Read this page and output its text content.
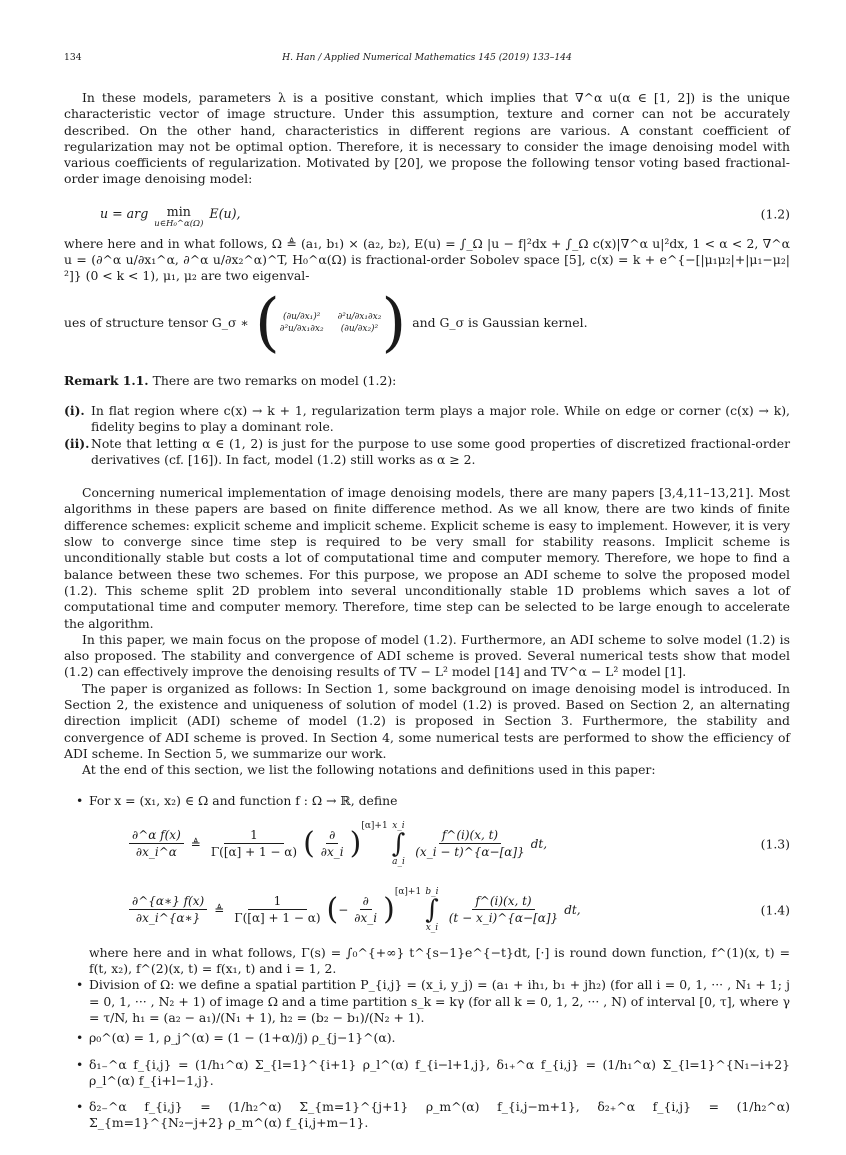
134	H. Han / Applied Numerical Mathematics 145 (2019) 133–144

In these models, parameters λ is a positive constant, which implies that ∇^α u(α ∈ [1, 2]) is the unique characteristic vector of image structure. Under this assumption, texture and corner can not be accurately described. On the other hand, characteristics in different regions are various. A constant coefficient of regularization may not be optimal option. Therefore, it is necessary to consider the image denoising model with various coefficients of regularization. Motivated by [20], we propose the following tensor voting based fractional-order image denoising model:

u = arg min
u∈H₀^α(Ω)
E(u),	(1.2)

where here and in what follows, Ω ≜ (a₁, b₁) × (a₂, b₂), E(u) = ∫_Ω |u − f|²dx + ∫_Ω c(x)|∇^α u|²dx, 1 < α < 2, ∇^α u = (∂^α u/∂x₁^α, ∂^α u/∂x₂^α)^T, H₀^α(Ω) is fractional-order Sobolev space [5], c(x) = k + e^{−[|μ₁μ₂|+|μ₁−μ₂|²]} (0 < k < 1), μ₁, μ₂ are two eigenval-

ues of structure tensor G_σ ∗ ( (∂u/∂x₁)²	∂²u/∂x₁∂x₂
∂²u/∂x₁∂x₂	(∂u/∂x₂)² ) and G_σ is Gaussian kernel.

Remark 1.1. There are two remarks on model (1.2):

(i). In flat region where c(x) → k + 1, regularization term plays a major role. While on edge or corner (c(x) → k), fidelity begins to play a dominant role.
(ii). Note that letting α ∈ (1, 2) is just for the purpose to use some good properties of discretized fractional-order derivatives (cf. [16]). In fact, model (1.2) still works as α ≥ 2.

Concerning numerical implementation of image denoising models, there are many papers [3,4,11–13,21]. Most algorithms in these papers are based on finite difference method. As we all know, there are two kinds of finite difference schemes: explicit scheme and implicit scheme. Explicit scheme is easy to implement. However, it is very slow to converge since time step is required to be very small for stability reasons. Implicit scheme is unconditionally stable but costs a lot of computational time and computer memory. Therefore, we hope to find a balance between these two schemes. For this purpose, we propose an ADI scheme to solve the proposed model (1.2). This scheme split 2D problem into several unconditionally stable 1D problems which saves a lot of computational time and computer memory. Therefore, time step can be selected to be large enough to accelerate the algorithm.

In this paper, we main focus on the propose of model (1.2). Furthermore, an ADI scheme to solve model (1.2) is also proposed. The stability and convergence of ADI scheme is proved. Several numerical tests show that model (1.2) can effectively improve the denoising results of TV − L² model [14] and TV^α − L² model [1].

The paper is organized as follows: In Section 1, some background on image denoising model is introduced. In Section 2, the existence and uniqueness of solution of model (1.2) is proved. Based on Section 2, an alternating direction implicit (ADI) scheme of model (1.2) is proposed in Section 3. Furthermore, the stability and convergence of ADI scheme is proved. In Section 4, some numerical tests are performed to show the efficiency of ADI scheme. In Section 5, we summarize our work.

At the end of this section, we list the following notations and definitions used in this paper:

• For x = (x₁, x₂) ∈ Ω and function f : Ω → ℝ, define
$\frac{\text{∂\textasciicircum{}α f(x)}}{\partial x\_i\^{}\alpha}$ ≜ $\frac{1}{\Gamma([\alpha] + 1 - \alpha)}$ ( $\frac{\partial}{\partial x\_i}$ ) [α]+1 x_i
∫
a_i
$\frac{f\^{}(i)(x, t)}{(x\_i - t)\^{}\{\alpha-[\alpha]\}}$ dt,	(1.3)
$\frac{\partial\^{}\{\alpha∗\} f(x)}{\partial x\_i\^{}\{\alpha∗\}}$ ≜ $\frac{1}{\Gamma([\alpha] + 1 - \alpha)}$ ( − $\frac{\partial}{\partial x\_i}$ ) [α]+1 b_i
∫
x_i
$\frac{f\^{}(i)(x, t)}{(t - x\_i)\^{}\{\alpha-[\alpha]\}}$ dt,	(1.4)

where here and in what follows, Γ(s) = ∫₀^{+∞} t^{s−1}e^{−t}dt, [·] is round down function, f^(1)(x, t) = f(t, x₂), f^(2)(x, t) = f(x₁, t) and i = 1, 2.

• Division of Ω: we define a spatial partition P_{i,j} = (x_i, y_j) = (a₁ + ih₁, b₁ + jh₂) (for all i = 0, 1, ··· , N₁ + 1; j = 0, 1, ··· , N₂ + 1) of image Ω and a time partition s_k = kγ (for all k = 0, 1, 2, ··· , N) of interval [0, τ], where γ = τ/N, h₁ = (a₂ − a₁)/(N₁ + 1), h₂ = (b₂ − b₁)/(N₂ + 1).
• ρ₀^(α) = 1, ρ_j^(α) = (1 − (1+α)/j) ρ_{j−1}^(α).
• δ₁₋^α f_{i,j} = (1/h₁^α) Σ_{l=1}^{i+1} ρ_l^(α) f_{i−l+1,j}, δ₁₊^α f_{i,j} = (1/h₁^α) Σ_{l=1}^{N₁−i+2} ρ_l^(α) f_{i+l−1,j}.
• δ₂₋^α f_{i,j} = (1/h₂^α) Σ_{m=1}^{j+1} ρ_m^(α) f_{i,j−m+1}, δ₂₊^α f_{i,j} = (1/h₂^α) Σ_{m=1}^{N₂−j+2} ρ_m^(α) f_{i,j+m−1}.
